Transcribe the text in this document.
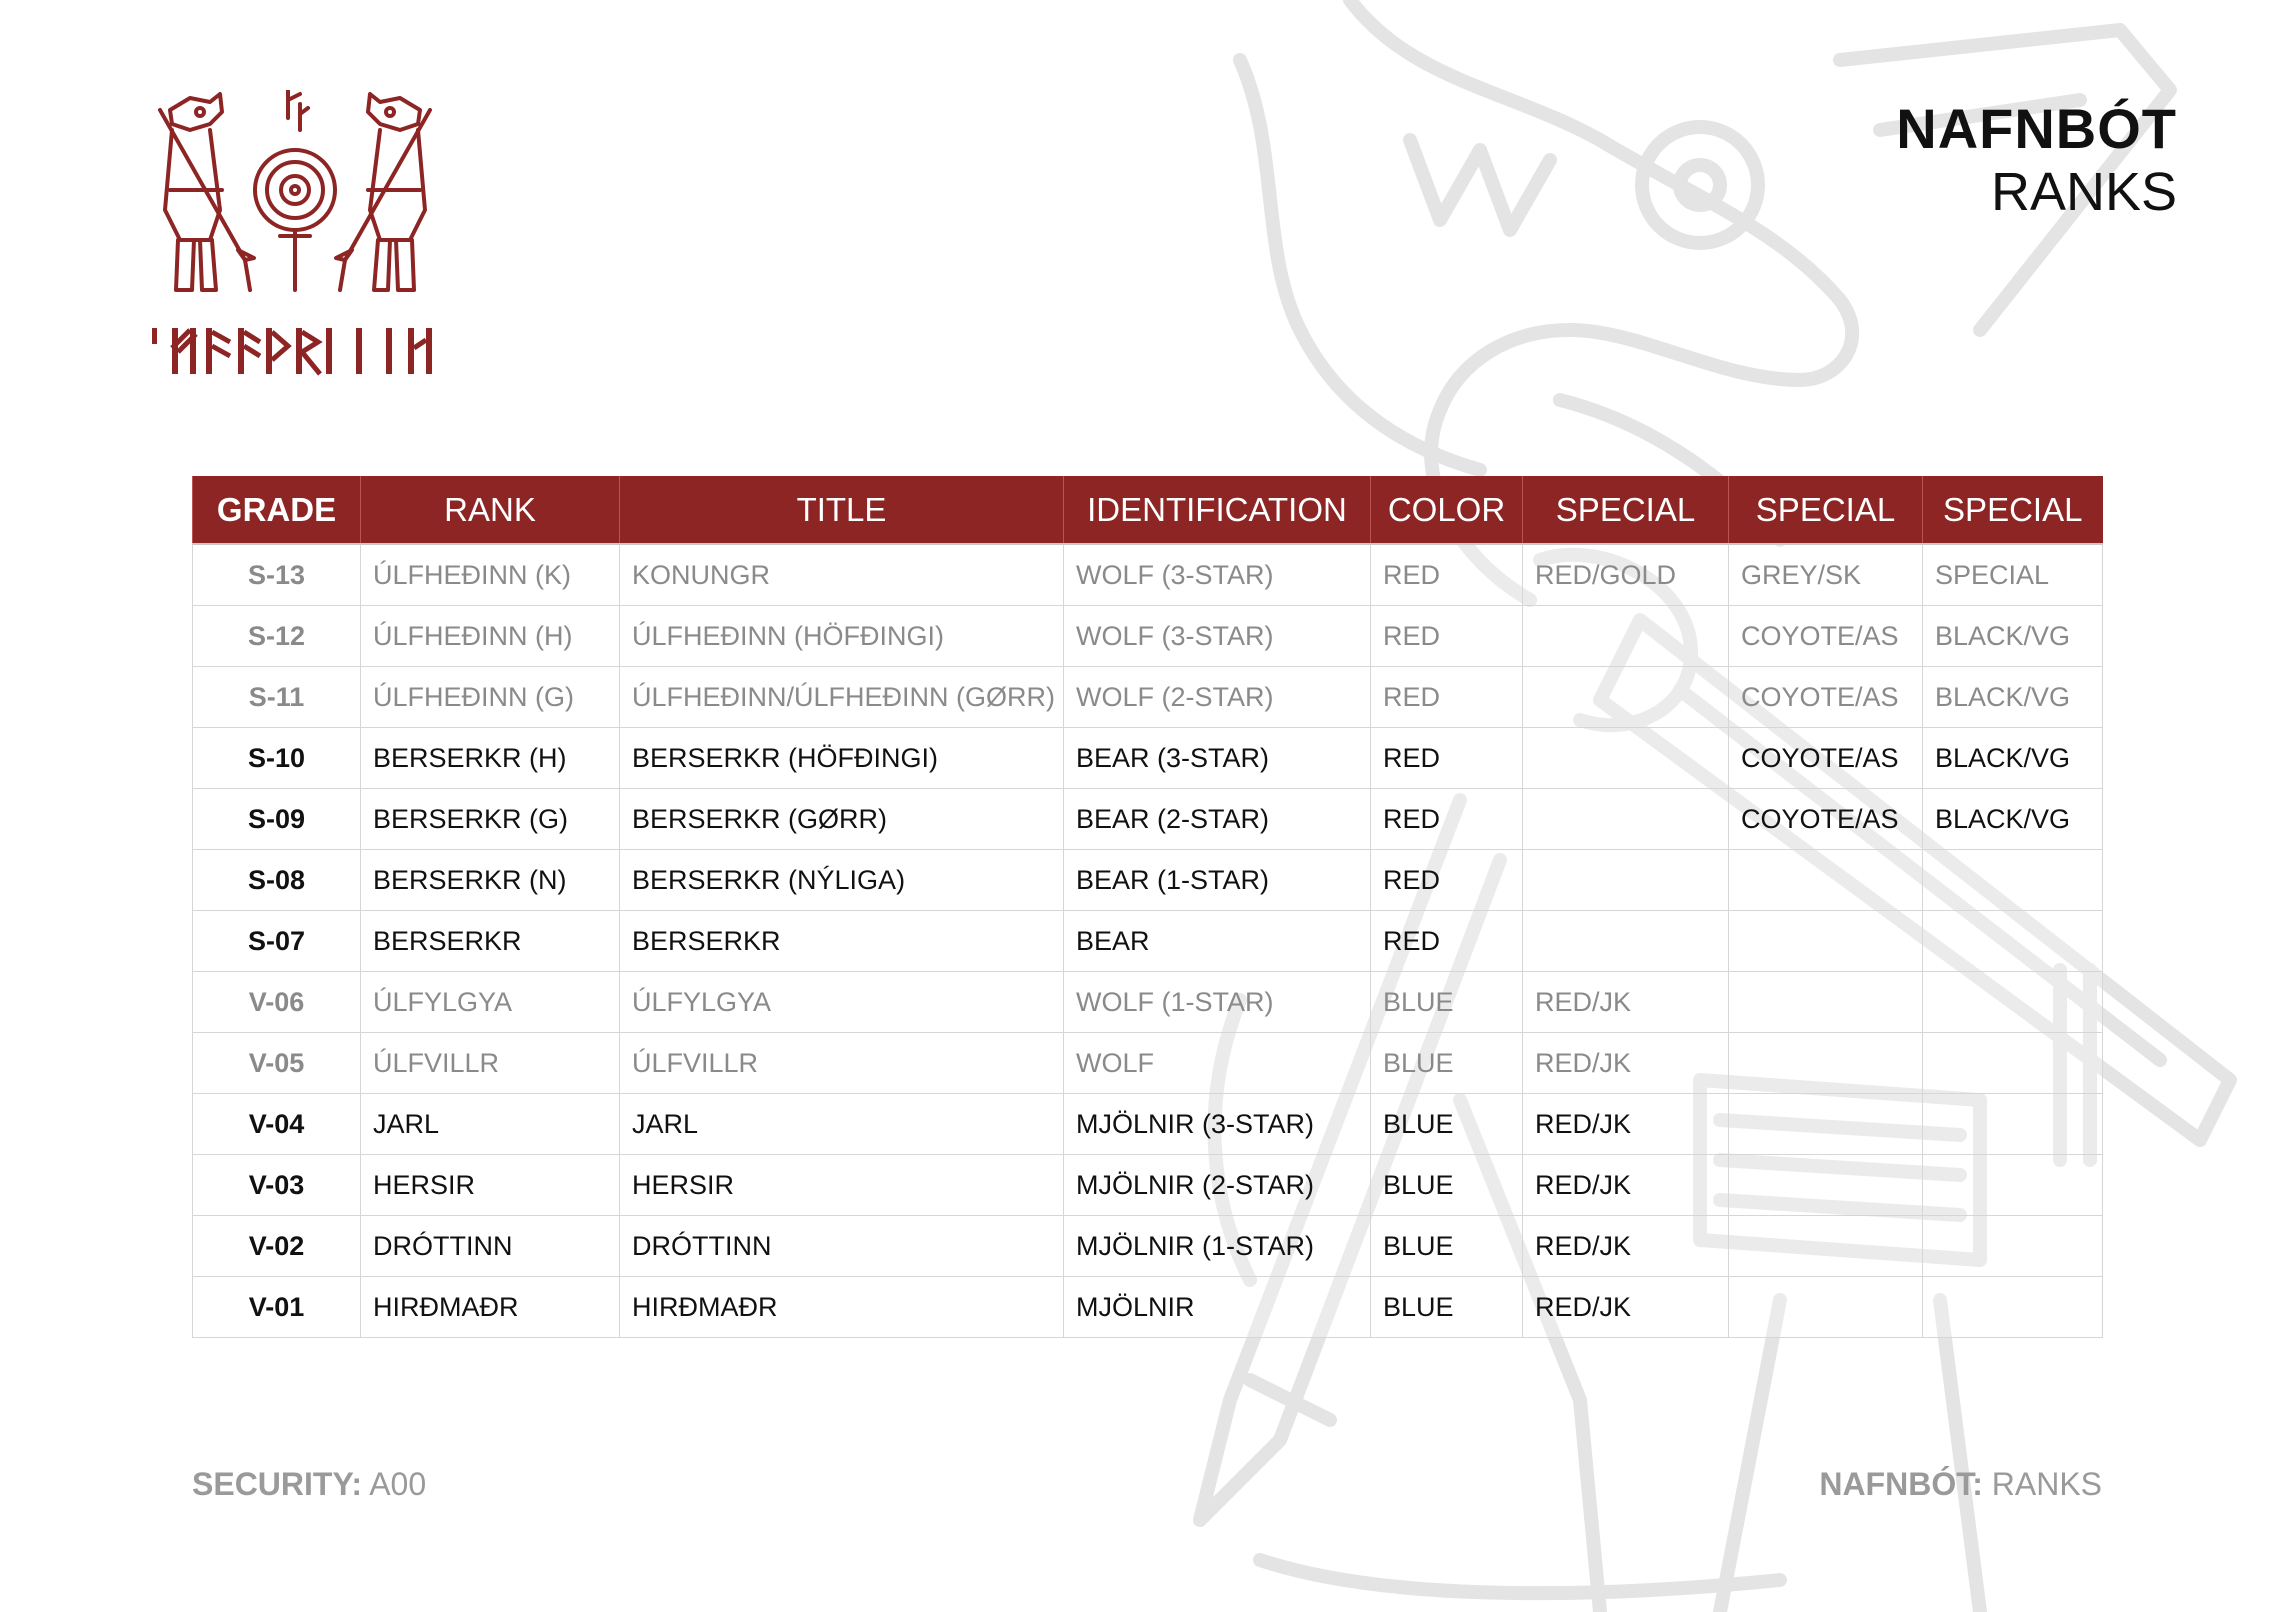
ᛁᛉᚨᚨᚦᚱᛁᚾ
NAFNBÓT
RANKS
GRADE	RANK	TITLE	IDENTIFICATION	COLOR	SPECIAL	SPECIAL	SPECIAL
S-13	ÚLFHEÐINN (K)	KONUNGR	WOLF (3-STAR)	RED	RED/GOLD	GREY/SK	SPECIAL
S-12	ÚLFHEÐINN (H)	ÚLFHEÐINN (HÖFÐINGI)	WOLF (3-STAR)	RED		COYOTE/AS	BLACK/VG
S-11	ÚLFHEÐINN (G)	ÚLFHEÐINN/ÚLFHEÐINN (GØRR)	WOLF (2-STAR)	RED		COYOTE/AS	BLACK/VG
S-10	BERSERKR (H)	BERSERKR (HÖFÐINGI)	BEAR (3-STAR)	RED		COYOTE/AS	BLACK/VG
S-09	BERSERKR (G)	BERSERKR (GØRR)	BEAR (2-STAR)	RED		COYOTE/AS	BLACK/VG
S-08	BERSERKR (N)	BERSERKR (NÝLIGA)	BEAR (1-STAR)	RED			
S-07	BERSERKR	BERSERKR	BEAR	RED			
V-06	ÚLFYLGYA	ÚLFYLGYA	WOLF (1-STAR)	BLUE	RED/JK		
V-05	ÚLFVILLR	ÚLFVILLR	WOLF	BLUE	RED/JK		
V-04	JARL	JARL	MJÖLNIR (3-STAR)	BLUE	RED/JK		
V-03	HERSIR	HERSIR	MJÖLNIR (2-STAR)	BLUE	RED/JK		
V-02	DRÓTTINN	DRÓTTINN	MJÖLNIR (1-STAR)	BLUE	RED/JK		
V-01	HIRÐMAÐR	HIRÐMAÐR	MJÖLNIR	BLUE	RED/JK		
SECURITY: A00	NAFNBÓT: RANKS
